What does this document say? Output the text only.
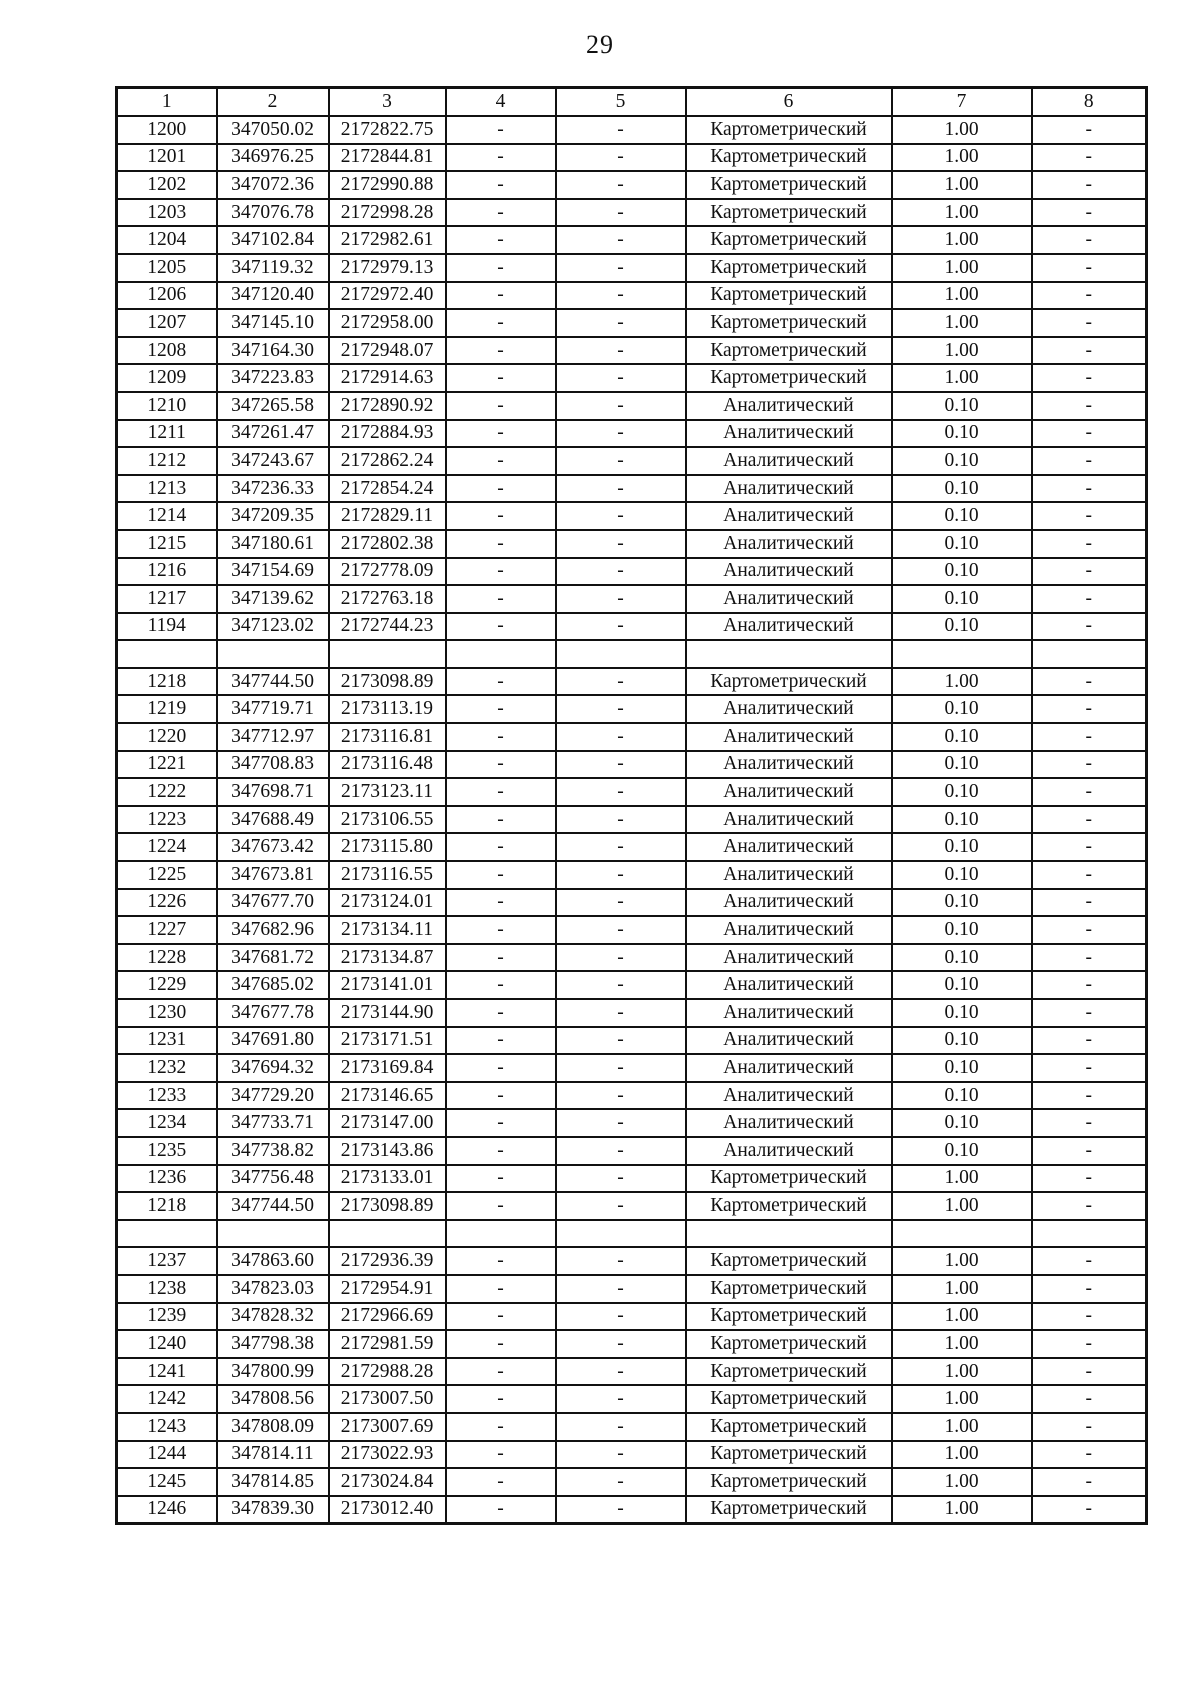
29
1	2	3	4	5	6	7	8
1200	347050.02	2172822.75	-	-	Картометрический	1.00	-
1201	346976.25	2172844.81	-	-	Картометрический	1.00	-
1202	347072.36	2172990.88	-	-	Картометрический	1.00	-
1203	347076.78	2172998.28	-	-	Картометрический	1.00	-
1204	347102.84	2172982.61	-	-	Картометрический	1.00	-
1205	347119.32	2172979.13	-	-	Картометрический	1.00	-
1206	347120.40	2172972.40	-	-	Картометрический	1.00	-
1207	347145.10	2172958.00	-	-	Картометрический	1.00	-
1208	347164.30	2172948.07	-	-	Картометрический	1.00	-
1209	347223.83	2172914.63	-	-	Картометрический	1.00	-
1210	347265.58	2172890.92	-	-	Аналитический	0.10	-
1211	347261.47	2172884.93	-	-	Аналитический	0.10	-
1212	347243.67	2172862.24	-	-	Аналитический	0.10	-
1213	347236.33	2172854.24	-	-	Аналитический	0.10	-
1214	347209.35	2172829.11	-	-	Аналитический	0.10	-
1215	347180.61	2172802.38	-	-	Аналитический	0.10	-
1216	347154.69	2172778.09	-	-	Аналитический	0.10	-
1217	347139.62	2172763.18	-	-	Аналитический	0.10	-
1194	347123.02	2172744.23	-	-	Аналитический	0.10	-

1218	347744.50	2173098.89	-	-	Картометрический	1.00	-
1219	347719.71	2173113.19	-	-	Аналитический	0.10	-
1220	347712.97	2173116.81	-	-	Аналитический	0.10	-
1221	347708.83	2173116.48	-	-	Аналитический	0.10	-
1222	347698.71	2173123.11	-	-	Аналитический	0.10	-
1223	347688.49	2173106.55	-	-	Аналитический	0.10	-
1224	347673.42	2173115.80	-	-	Аналитический	0.10	-
1225	347673.81	2173116.55	-	-	Аналитический	0.10	-
1226	347677.70	2173124.01	-	-	Аналитический	0.10	-
1227	347682.96	2173134.11	-	-	Аналитический	0.10	-
1228	347681.72	2173134.87	-	-	Аналитический	0.10	-
1229	347685.02	2173141.01	-	-	Аналитический	0.10	-
1230	347677.78	2173144.90	-	-	Аналитический	0.10	-
1231	347691.80	2173171.51	-	-	Аналитический	0.10	-
1232	347694.32	2173169.84	-	-	Аналитический	0.10	-
1233	347729.20	2173146.65	-	-	Аналитический	0.10	-
1234	347733.71	2173147.00	-	-	Аналитический	0.10	-
1235	347738.82	2173143.86	-	-	Аналитический	0.10	-
1236	347756.48	2173133.01	-	-	Картометрический	1.00	-
1218	347744.50	2173098.89	-	-	Картометрический	1.00	-

1237	347863.60	2172936.39	-	-	Картометрический	1.00	-
1238	347823.03	2172954.91	-	-	Картометрический	1.00	-
1239	347828.32	2172966.69	-	-	Картометрический	1.00	-
1240	347798.38	2172981.59	-	-	Картометрический	1.00	-
1241	347800.99	2172988.28	-	-	Картометрический	1.00	-
1242	347808.56	2173007.50	-	-	Картометрический	1.00	-
1243	347808.09	2173007.69	-	-	Картометрический	1.00	-
1244	347814.11	2173022.93	-	-	Картометрический	1.00	-
1245	347814.85	2173024.84	-	-	Картометрический	1.00	-
1246	347839.30	2173012.40	-	-	Картометрический	1.00	-
